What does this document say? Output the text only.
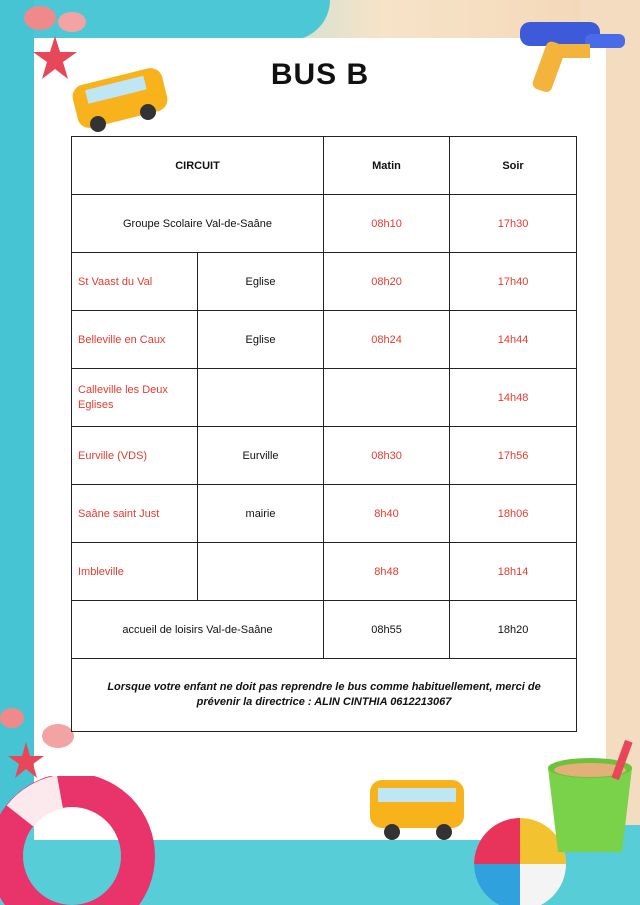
BUS B
CIRCUIT		Matin	Soir
Groupe Scolaire Val-de-Saâne		08h10	17h30
St Vaast du Val	Eglise	08h20	17h40
Belleville en Caux	Eglise	08h24	14h44
Calleville les Deux Eglises			14h48
Eurville (VDS)	Eurville	08h30	17h56
Saâne saint Just	mairie	8h40	18h06
Imbleville		8h48	18h14
accueil de loisirs Val-de-Saâne		08h55	18h20
Lorsque votre enfant ne doit pas reprendre le bus comme habituellement, merci de prévenir la directrice : ALIN CINTHIA 0612213067			
